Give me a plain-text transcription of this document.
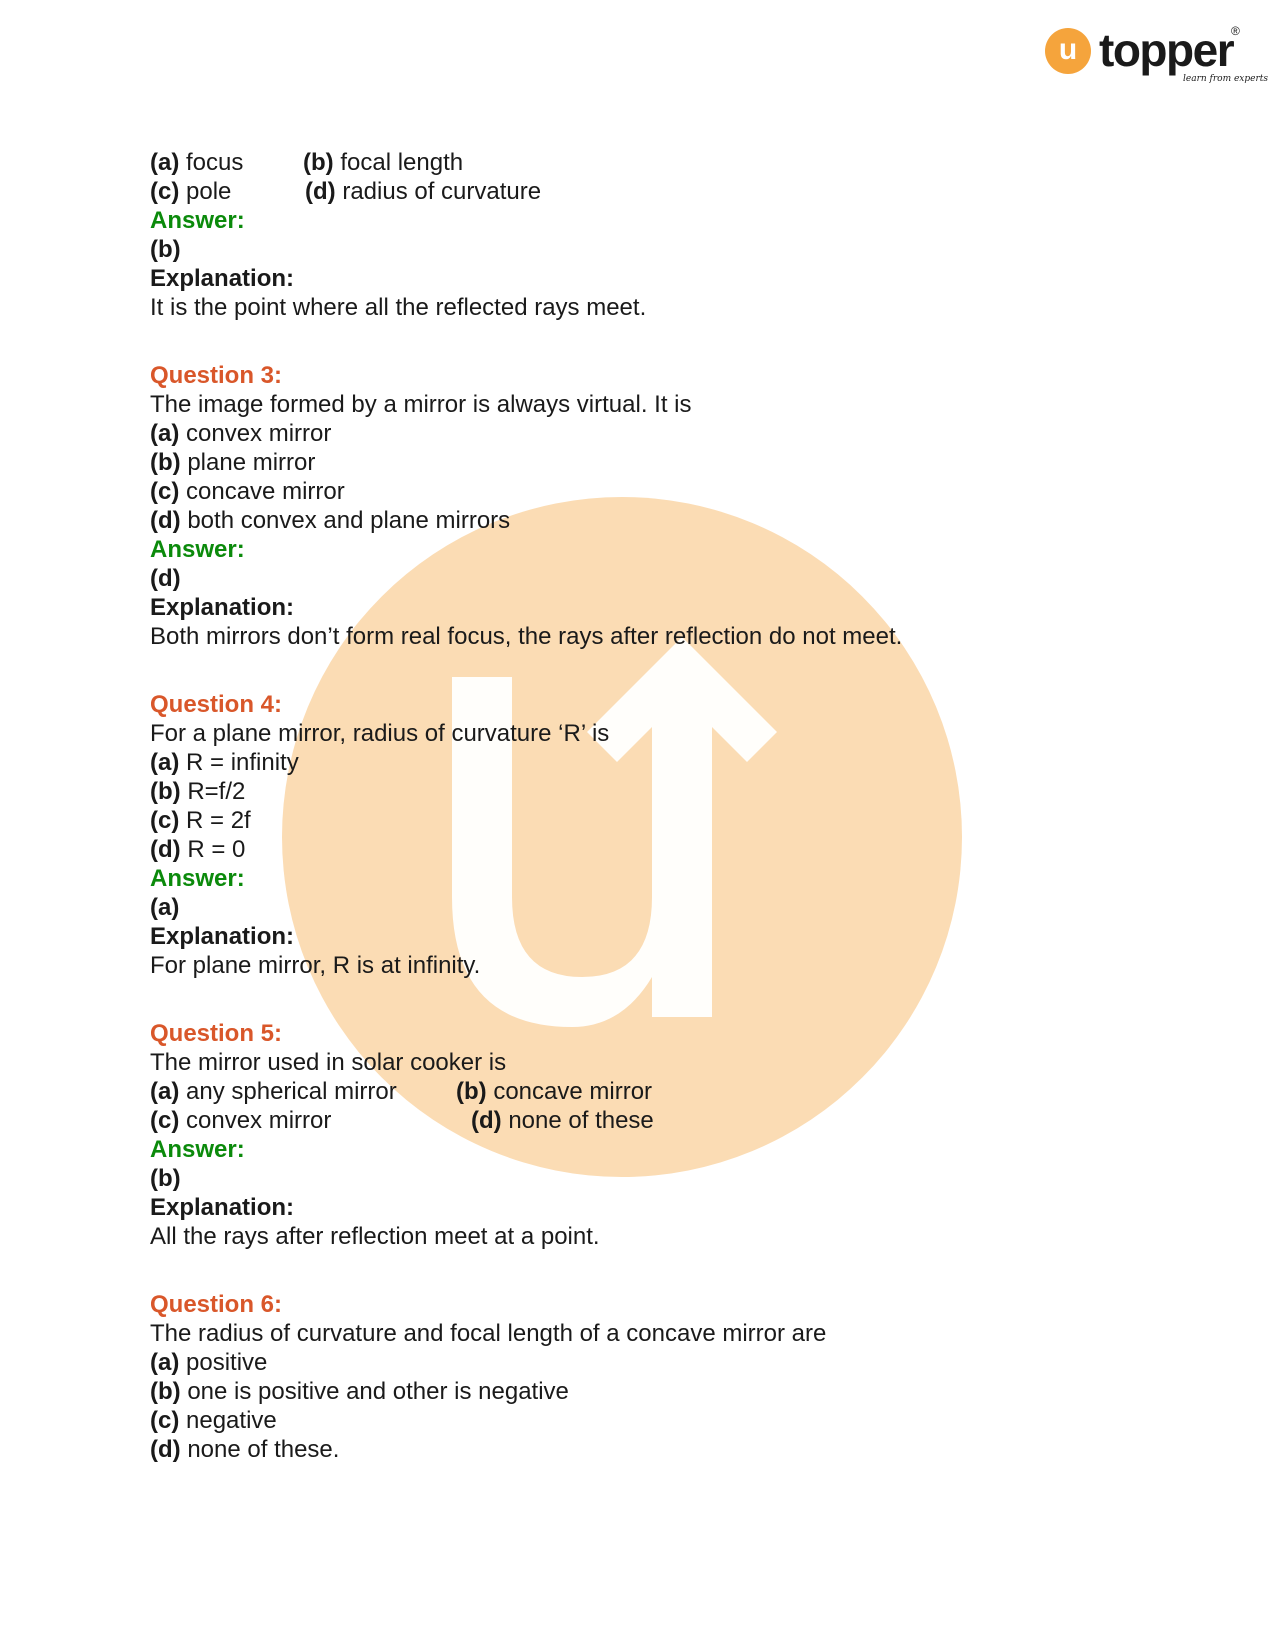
u topper
®
learn from experts
(a) focus (b) focal length
(c) pole	(d) radius of curvature
Answer:
(b)
Explanation:
It is the point where all the reflected rays meet.
Question 3:
The image formed by a mirror is always virtual. It is
(a) convex mirror
(b) plane mirror
(c) concave mirror
(d) both convex and plane mirrors
Answer:
(d)
Explanation:
Both mirrors don’t form real focus, the rays after reflection do not meet.
Question 4:
For a plane mirror, radius of curvature ‘R’ is
(a) R = infinity
(b) R=f/2
(c) R = 2f
(d) R = 0
Answer:
(a)
Explanation:
For plane mirror, R is at infinity.
Question 5:
The mirror used in solar cooker is
(a) any spherical mirror (b) concave mirror
(c) convex mirror	(d) none of these
Answer:
(b)
Explanation:
All the rays after reflection meet at a point.
Question 6:
The radius of curvature and focal length of a concave mirror are
(a) positive
(b) one is positive and other is negative
(c) negative
(d) none of these.
